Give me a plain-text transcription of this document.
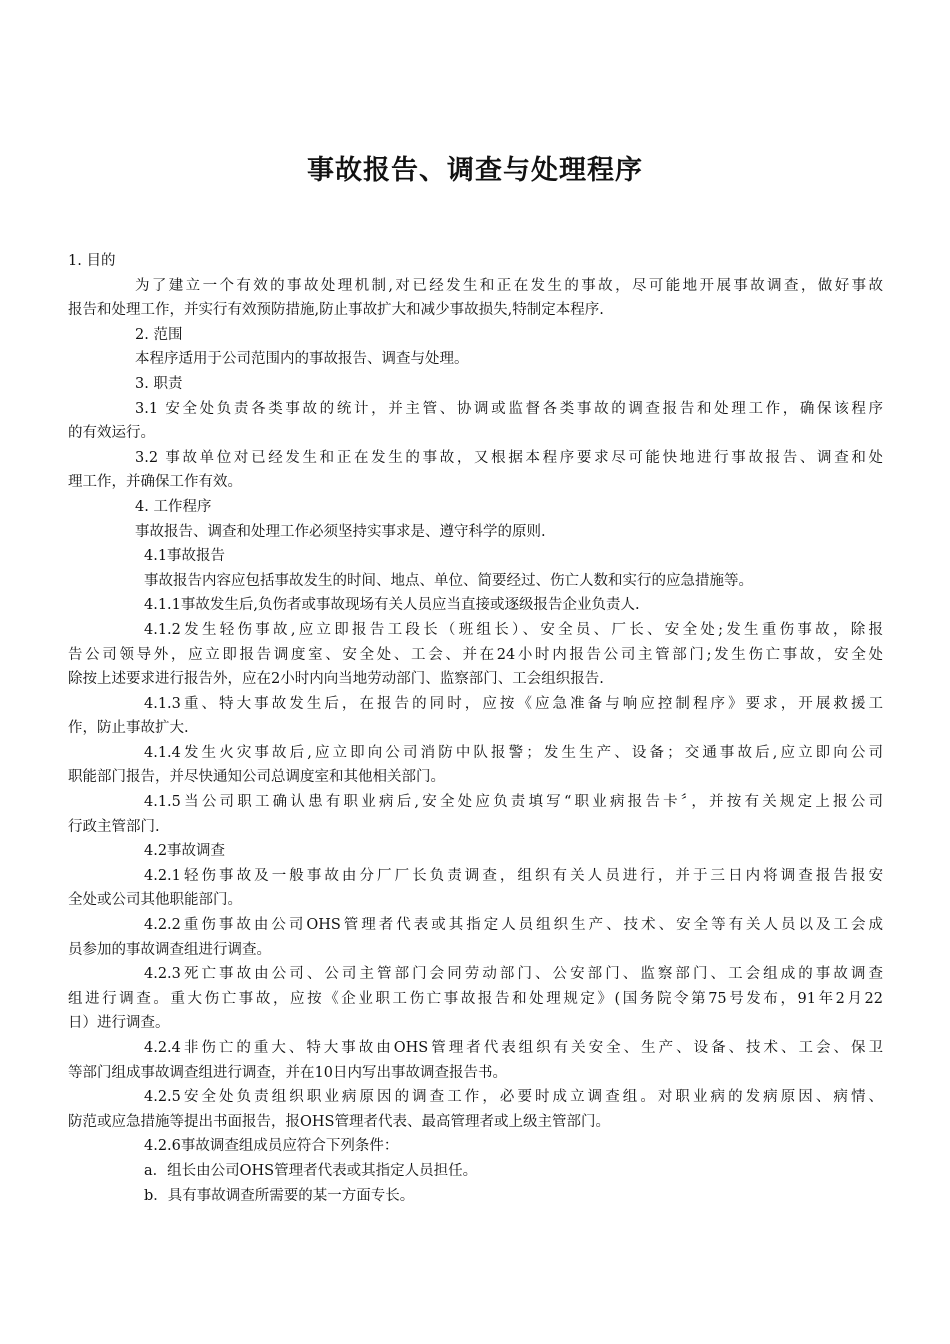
事故报告、调查与处理程序
1. 目的
为了建立一个有效的事故处理机制,对已经发生和正在发生的事故，尽可能地开展事故调查，做好事故
报告和处理工作，并实行有效预防措施,防止事故扩大和减少事故损失,特制定本程序.
2. 范围
本程序适用于公司范围内的事故报告、调查与处理。
3. 职责
3.1 安全处负责各类事故的统计，并主管、协调或监督各类事故的调查报告和处理工作，确保该程序
的有效运行。
3.2 事故单位对已经发生和正在发生的事故，又根据本程序要求尽可能快地进行事故报告、调查和处
理工作，并确保工作有效。
4. 工作程序
事故报告、调查和处理工作必须坚持实事求是、遵守科学的原则.
4.1事故报告
事故报告内容应包括事故发生的时间、地点、单位、简要经过、伤亡人数和实行的应急措施等。
4.1.1事故发生后,负伤者或事故现场有关人员应当直接或逐级报告企业负责人.
4.1.2发生轻伤事故,应立即报告工段长（班组长）、安全员、厂长、安全处;发生重伤事故，除报
告公司领导外，应立即报告调度室、安全处、工会、并在24小时内报告公司主管部门;发生伤亡事故，安全处
除按上述要求进行报告外，应在2小时内向当地劳动部门、监察部门、工会组织报告.
4.1.3重、特大事故发生后，在报告的同时，应按《应急准备与响应控制程序》要求，开展救援工
作，防止事故扩大.
4.1.4发生火灾事故后,应立即向公司消防中队报警；发生生产、设备；交通事故后,应立即向公司
职能部门报告，并尽快通知公司总调度室和其他相关部门。
4.1.5当公司职工确认患有职业病后,安全处应负责填写“职业病报告卡〞，并按有关规定上报公司
行政主管部门.
4.2事故调查
4.2.1轻伤事故及一般事故由分厂厂长负责调查，组织有关人员进行，并于三日内将调查报告报安
全处或公司其他职能部门。
4.2.2重伤事故由公司OHS管理者代表或其指定人员组织生产、技术、安全等有关人员以及工会成
员参加的事故调查组进行调查。
4.2.3死亡事故由公司、公司主管部门会同劳动部门、公安部门、监察部门、工会组成的事故调查
组进行调查。重大伤亡事故，应按《企业职工伤亡事故报告和处理规定》(国务院令第75号发布，91年2月22
日）进行调查。
4.2.4非伤亡的重大、特大事故由OHS管理者代表组织有关安全、生产、设备、技术、工会、保卫
等部门组成事故调查组进行调查，并在10日内写出事故调查报告书。
4.2.5安全处负责组织职业病原因的调查工作，必要时成立调查组。对职业病的发病原因、病情、
防范或应急措施等提出书面报告，报OHS管理者代表、最高管理者或上级主管部门。
4.2.6事故调查组成员应符合下列条件：
a．组长由公司OHS管理者代表或其指定人员担任。
b．具有事故调查所需要的某一方面专长。
